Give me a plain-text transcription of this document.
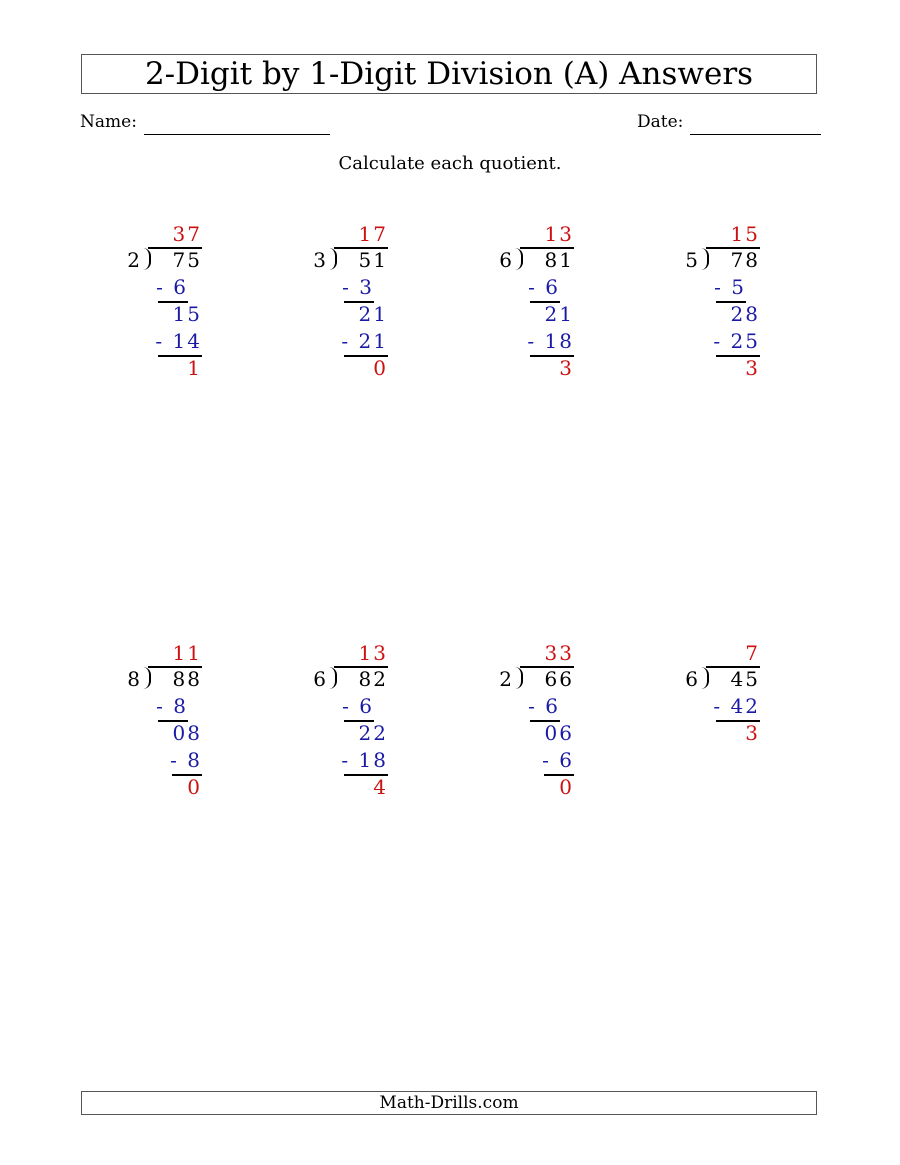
2-Digit by 1-Digit Division (A) Answers
Name:	Date:
Calculate each quotient.
37
2	75
- 6
15
- 14
1
17
3	51
- 3
21
- 21
0
13
6	81
- 6
21
- 18
3
15
5	78
- 5
28
- 25
3
11
8	88
- 8
08
- 8
0
13
6	82
- 6
22
- 18
4
33
2	66
- 6
06
- 6
0
7
6	45
- 42
3
Math-Drills.com
